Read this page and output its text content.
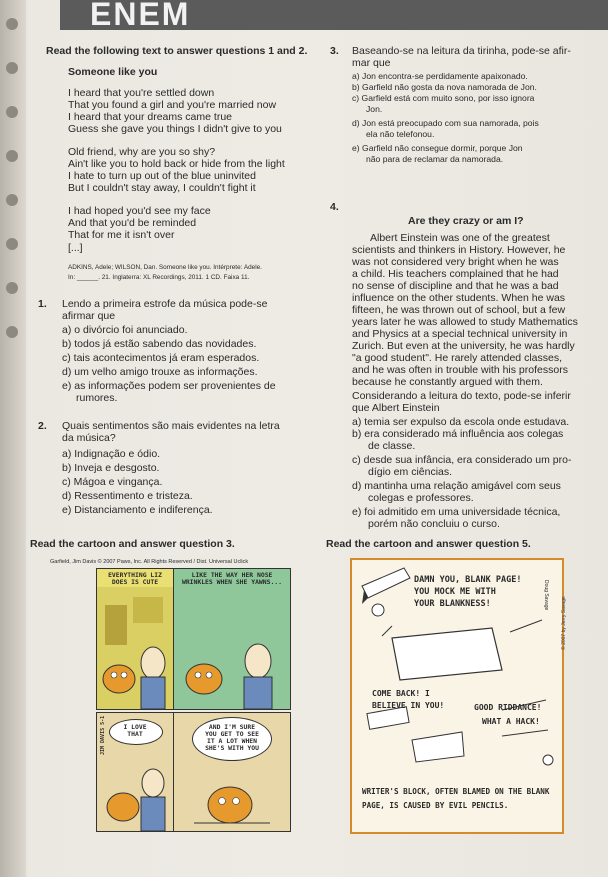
ENEM
Read the following text to answer questions 1 and 2.
Someone like you
I heard that you're settled down
That you found a girl and you're married now
I heard that your dreams came true
Guess she gave you things I didn't give to you
Old friend, why are you so shy?
Ain't like you to hold back or hide from the light
I hate to turn up out of the blue uninvited
But I couldn't stay away, I couldn't fight it
I had hoped you'd see my face
And that you'd be reminded
That for me it isn't over
[...]
ADKINS, Adele; WILSON, Dan. Someone like you. Intérprete: Adele.
In: ______. 21. Inglaterra: XL Recordings, 2011. 1 CD. Faixa 11.
1. Lendo a primeira estrofe da música pode-se
afirmar que
a) o divórcio foi anunciado.
b) todos já estão sabendo das novidades.
c) tais acontecimentos já eram esperados.
d) um velho amigo trouxe as informações.
e) as informações podem ser provenientes de
rumores.
2. Quais sentimentos são mais evidentes na letra
da música?
a) Indignação e ódio.
b) Inveja e desgosto.
c) Mágoa e vingança.
d) Ressentimento e tristeza.
e) Distanciamento e indiferença.
Read the cartoon and answer question 3.
Garfield, Jim Davis © 2007 Paws, Inc. All Rights Reserved / Dist. Universal Uclick
EVERYTHING LIZ
DOES IS CUTE
LIKE THE WAY HER NOSE
WRINKLES WHEN SHE YAWNS...
I LOVE
THAT
JIM DAVIS 5-1	AND I'M SURE
YOU GET TO SEE
IT A LOT WHEN
SHE'S WITH YOU
3. Baseando-se na leitura da tirinha, pode-se afir-
mar que
a) Jon encontra-se perdidamente apaixonado.
b) Garfield não gosta da nova namorada de Jon.
c) Garfield está com muito sono, por isso ignora
Jon.
d) Jon está preocupado com sua namorada, pois
ela não telefonou.
e) Garfield não consegue dormir, porque Jon
não para de reclamar da namorada.
4.
Are they crazy or am I?
Albert Einstein was one of the greatest
scientists and thinkers in History. However, he
was not considered very bright when he was
a child. His teachers complained that he had
no sense of discipline and that he was a bad
influence on the other students. When he was
fifteen, he was thrown out of school, but a few
years later he was allowed to study Mathematics
and Physics at a special technical university in
Zurich. But even at the university, he was hardly
"a good student". He rarely attended classes,
and he was often in trouble with his professors
because he constantly argued with them.
Considerando a leitura do texto, pode-se inferir
que Albert Einstein
a) temia ser expulso da escola onde estudava.
b) era considerado má influência aos colegas
de classe.
c) desde sua infância, era considerado um pro-
dígio em ciências.
d) mantinha uma relação amigável com seus
colegas e professores.
e) foi admitido em uma universidade técnica,
porém não concluiu o curso.
Read the cartoon and answer question 5.
Doug Savage
© 2007 by Jerry Savage
DAMN YOU, BLANK PAGE!
YOU MOCK ME WITH
YOUR BLANKNESS!
COME BACK! I
BELIEVE IN YOU!	GOOD RIDDANCE!
WHAT A HACK!
WRITER'S BLOCK, OFTEN BLAMED ON THE BLANK
PAGE, IS CAUSED BY EVIL PENCILS.
